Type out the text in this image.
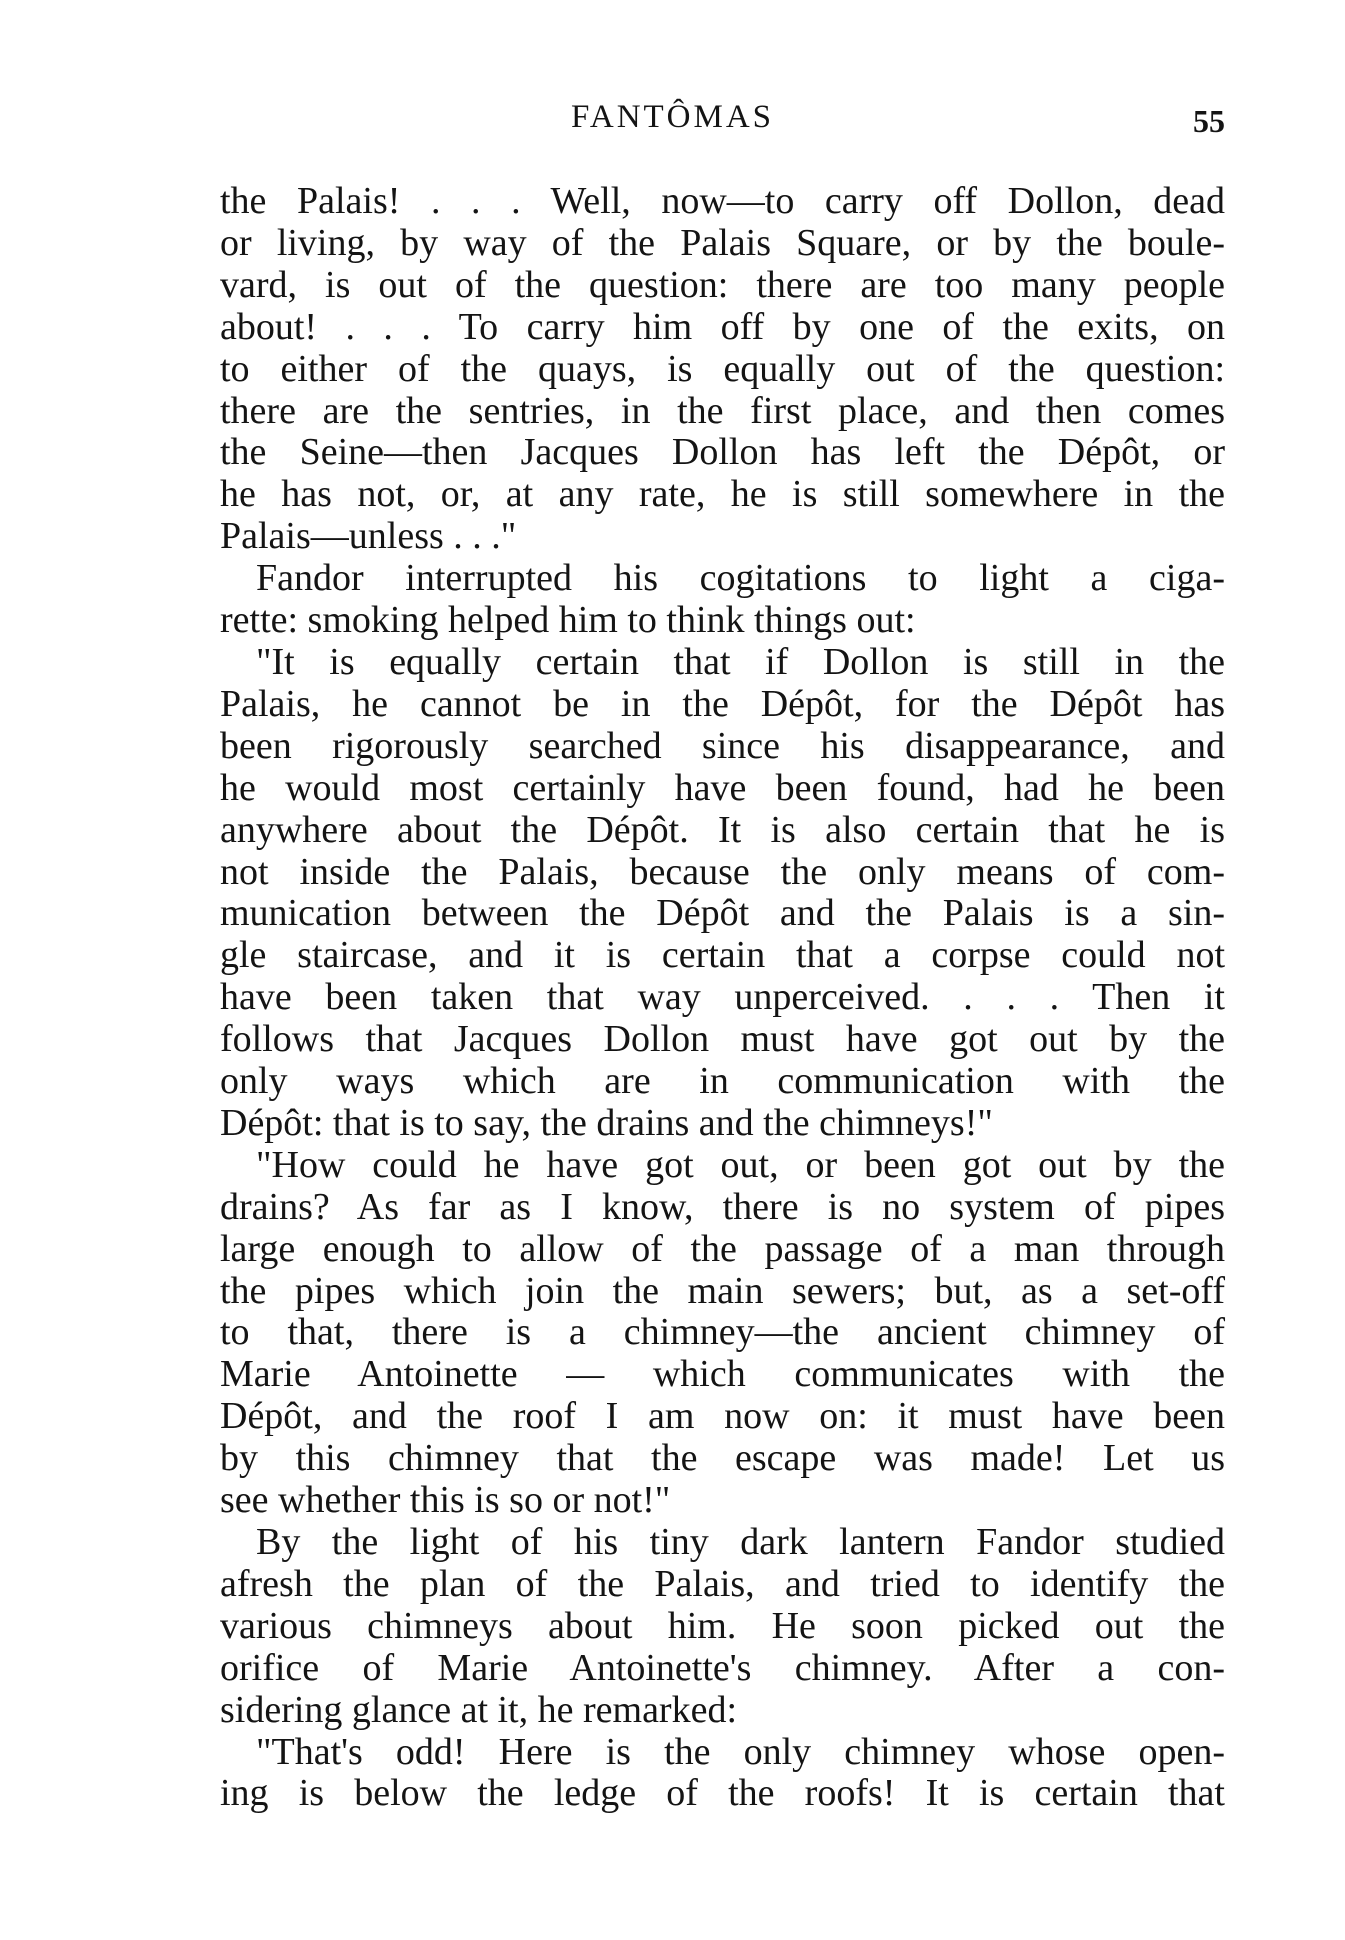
FANTÔMAS	55

the Palais! . . . Well, now—to carry off Dollon, dead

or living, by way of the Palais Square, or by the boule-

vard, is out of the question: there are too many people

about! . . . To carry him off by one of the exits, on

to either of the quays, is equally out of the question:

there are the sentries, in the first place, and then comes

the Seine—then Jacques Dollon has left the Dépôt, or

he has not, or, at any rate, he is still somewhere in the

Palais—unless . . ."

Fandor interrupted his cogitations to light a ciga-

rette: smoking helped him to think things out:

"It is equally certain that if Dollon is still in the

Palais, he cannot be in the Dépôt, for the Dépôt has

been rigorously searched since his disappearance, and

he would most certainly have been found, had he been

anywhere about the Dépôt. It is also certain that he is

not inside the Palais, because the only means of com-

munication between the Dépôt and the Palais is a sin-

gle staircase, and it is certain that a corpse could not

have been taken that way unperceived. . . . Then it

follows that Jacques Dollon must have got out by the

only ways which are in communication with the

Dépôt: that is to say, the drains and the chimneys!"

"How could he have got out, or been got out by the

drains? As far as I know, there is no system of pipes

large enough to allow of the passage of a man through

the pipes which join the main sewers; but, as a set-off

to that, there is a chimney—the ancient chimney of

Marie Antoinette — which communicates with the

Dépôt, and the roof I am now on: it must have been

by this chimney that the escape was made! Let us

see whether this is so or not!"

By the light of his tiny dark lantern Fandor studied

afresh the plan of the Palais, and tried to identify the

various chimneys about him. He soon picked out the

orifice of Marie Antoinette's chimney. After a con-

sidering glance at it, he remarked:

"That's odd! Here is the only chimney whose open-

ing is below the ledge of the roofs! It is certain that
